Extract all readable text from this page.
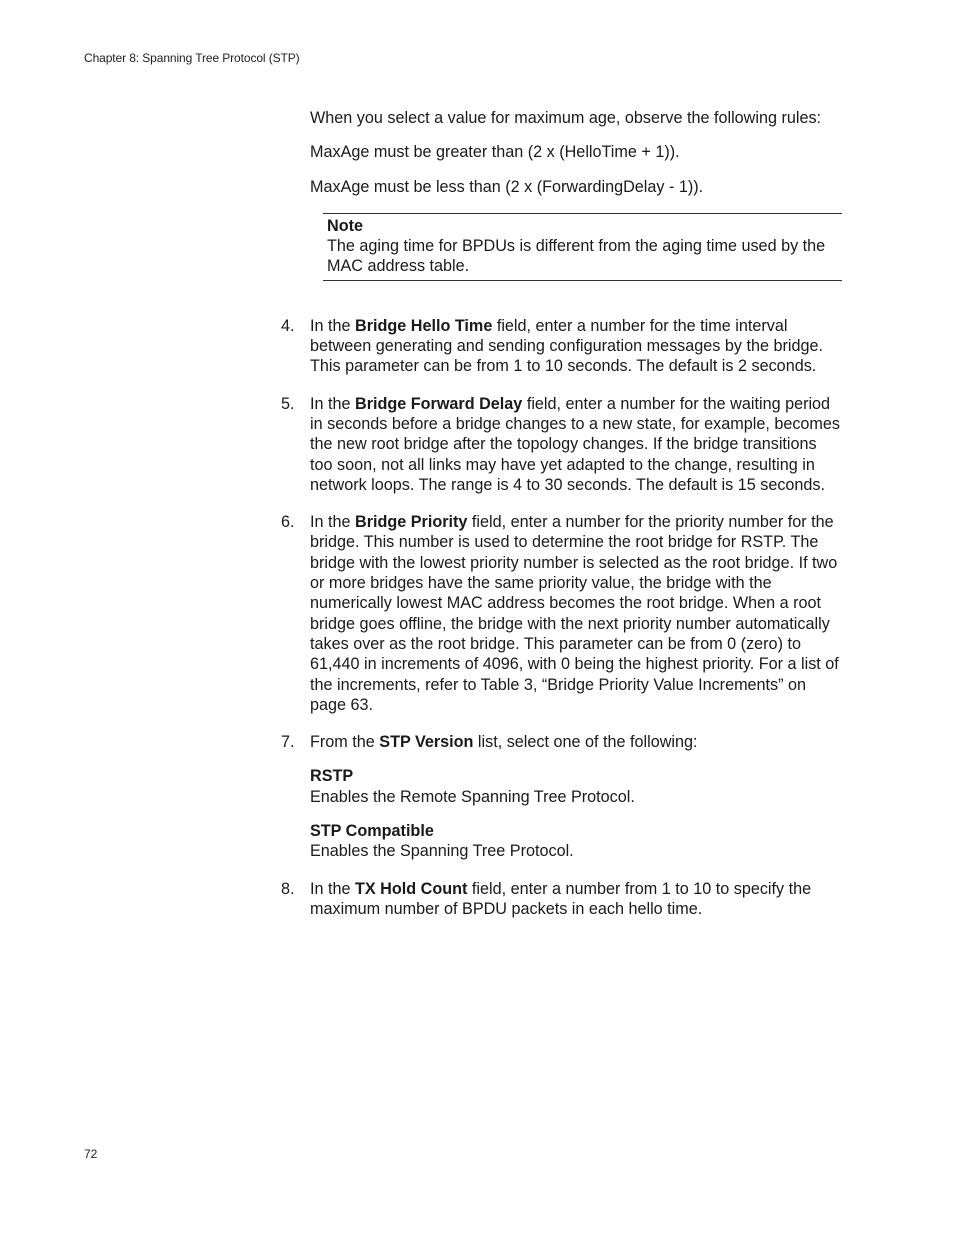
Chapter 8: Spanning Tree Protocol (STP)

When you select a value for maximum age, observe the following rules:

MaxAge must be greater than (2 x (HelloTime + 1)).

MaxAge must be less than (2 x (ForwardingDelay - 1)).

Note
The aging time for BPDUs is different from the aging time used by the MAC address table.
4. In the Bridge Hello Time field, enter a number for the time interval between generating and sending configuration messages by the bridge. This parameter can be from 1 to 10 seconds. The default is 2 seconds.

5. In the Bridge Forward Delay field, enter a number for the waiting period in seconds before a bridge changes to a new state, for example, becomes the new root bridge after the topology changes. If the bridge transitions too soon, not all links may have yet adapted to the change, resulting in network loops. The range is 4 to 30 seconds. The default is 15 seconds.

6. In the Bridge Priority field, enter a number for the priority number for the bridge. This number is used to determine the root bridge for RSTP. The bridge with the lowest priority number is selected as the root bridge. If two or more bridges have the same priority value, the bridge with the numerically lowest MAC address becomes the root bridge. When a root bridge goes offline, the bridge with the next priority number automatically takes over as the root bridge. This parameter can be from 0 (zero) to 61,440 in increments of 4096, with 0 being the highest priority. For a list of the increments, refer to Table 3, “Bridge Priority Value Increments” on page 63.

7. From the STP Version list, select one of the following:

RSTP
Enables the Remote Spanning Tree Protocol.
STP Compatible
Enables the Spanning Tree Protocol.
8. In the TX Hold Count field, enter a number from 1 to 10 to specify the maximum number of BPDU packets in each hello time.

72
